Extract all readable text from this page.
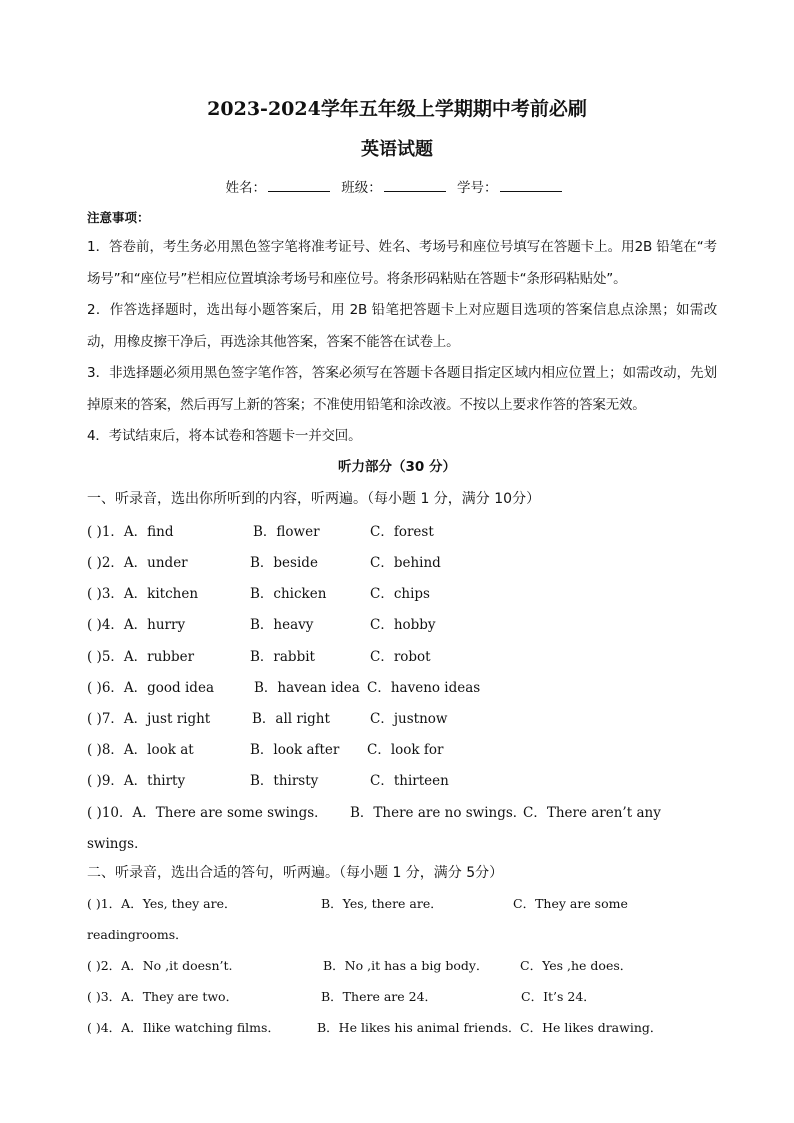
2023-2024学年五年级上学期期中考前必刷
英语试题
姓名：	班级：	学号：
注意事项：

1．答卷前，考生务必用黑色签字笔将准考证号、姓名、考场号和座位号填写在答题卡上。用2B 铅笔在“考场号”和“座位号”栏相应位置填涂考场号和座位号。将条形码粘贴在答题卡“条形码粘贴处”。

2．作答选择题时，选出每小题答案后，用 2B 铅笔把答题卡上对应题目选项的答案信息点涂黑；如需改动，用橡皮擦干净后，再选涂其他答案，答案不能答在试卷上。

3．非选择题必须用黑色签字笔作答，答案必须写在答题卡各题目指定区域内相应位置上；如需改动，先划掉原来的答案，然后再写上新的答案；不准使用铅笔和涂改液。不按以上要求作答的答案无效。

4．考试结束后，将本试卷和答题卡一并交回。

听力部分（30 分）
一、听录音，选出你所听到的内容，听两遍。（每小题 1 分，满分 10分）
( )1．A．find	B．flower	C．forest
( )2．A．under	B．beside	C．behind
( )3．A．kitchen	B．chicken	C．chips
( )4．A．hurry	B．heavy	C．hobby
( )5．A．rubber	B．rabbit	C．robot
( )6．A．good idea	B．havean idea C．haveno ideas
( )7．A．just right	B．all right	C．justnow
( )8．A．look at	B．look after C．look for
( )9．A．thirty	B．thirsty	C．thirteen
( )10．A．There are some swings． B．There are no swings．
C．There aren’t any
swings．
二、听录音，选出合适的答句，听两遍。（每小题 1 分，满分 5分）
( )1．A．Yes, they are．	B．Yes, there are．	C．They are some
readingrooms．
( )2．A．No ,it doesn’t.	B．No ,it has a big body．	C．Yes ,he does．
( )3．A．They are two．	B．There are 24．	C．It’s 24．
( )4．A．Ilike watching films．	B．He likes his animal friends． C．He likes drawing．
